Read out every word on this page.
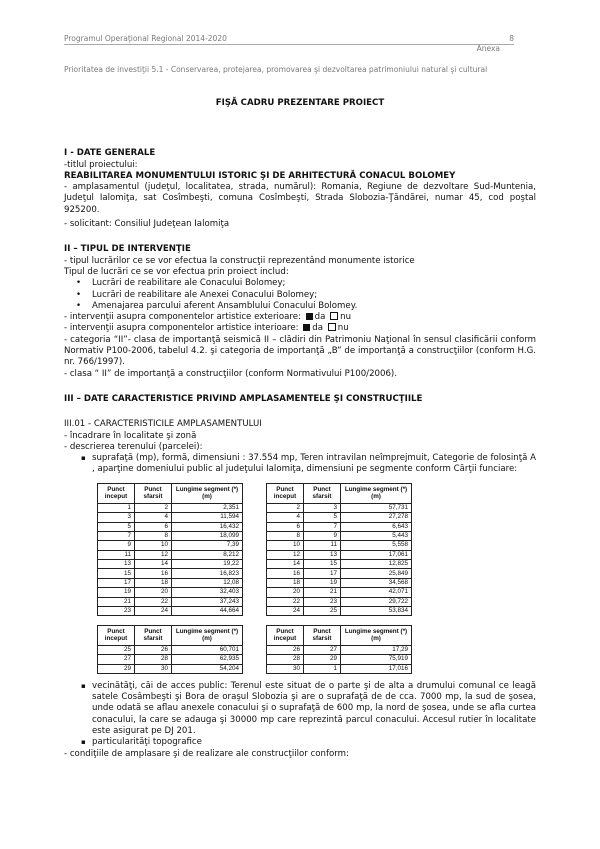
Programul Operaţional Regional 2014-2020	8
Anexa
Prioritatea de investiţii 5.1 - Conservarea, protejarea, promovarea şi dezvoltarea patrimoniului natural şi cultural

FIŞĂ CADRU PREZENTARE PROIECT

I - DATE GENERALE

-titlul proiectului:

REABILITAREA MONUMENTULUI ISTORIC ŞI DE ARHITECTURĂ CONACUL BOLOMEY

- amplasamentul (judeţul, localitatea, strada, numărul): Romania, Regiune de dezvoltare Sud-Muntenia, Judeţul Ialomiţa, sat Cosîmbeşti, comuna Cosîmbeşti, Strada Slobozia-Ţăndărei, numar 45, cod poştal 925200.

- solicitant: Consiliul Judeţean Ialomiţa

II – TIPUL DE INTERVENŢIE

- tipul lucrărilor ce se vor efectua la construcţii reprezentând monumente istorice

Tipul de lucrări ce se vor efectua prin proiect includ:

• Lucrări de reabilitare ale Conacului Bolomey;
• Lucrări de reabilitare ale Anexei Conacului Bolomey;
• Amenajarea parcului aferent Ansamblului Conacului Bolomey.

- intervenţii asupra componentelor artistice exterioare: da nu

- intervenţii asupra componentelor artistice interioare: da nu

- categoria “II”- clasa de importanţă seismică II – clădiri din Patrimoniu Naţional în sensul clasificării conform Normativ P100-2006, tabelul 4.2. şi categoria de importanţă „B” de importanţă a construcţiilor (conform H.G. nr. 766/1997).

- clasa “ II” de importanţă a construcţiilor (conform Normativului P100/2006).

III – DATE CARACTERISTICE PRIVIND AMPLASAMENTELE ŞI CONSTRUCŢIILE

III.01 - CARACTERISTICILE AMPLASAMENTULUI

- încadrare în localitate şi zonă

- descrierea terenului (parcelei):

▪ suprafaţă (mp), formă, dimensiuni : 37.554 mp, Teren intravilan neîmprejmuit, Categorie de folosinţă A , aparţine domeniului public al judeţului Ialomiţa, dimensiuni pe segmente conform Cărţii funciare:

Punct inceput	Punct sfarsit	Lungime segment (*) (m)
1	2	2,351
3	4	11,594
5	6	16,432
7	8	18,099
9	10	7,39
11	12	8,212
13	14	19,22
15	16	16,823
17	18	12,08
19	20	32,403
21	22	37,243
23	24	44,664
Punct inceput	Punct sfarsit	Lungime segment (*) (m)
2	3	57,731
4	5	27,278
6	7	6,643
8	9	5,443
10	11	5,558
12	13	17,061
14	15	12,825
16	17	25,849
18	19	34,568
20	21	42,071
22	23	29,722
24	25	53,834
Punct inceput	Punct sfarsit	Lungime segment (*) (m)
25	26	60,701
27	28	62,935
29	30	54,204
Punct inceput	Punct sfarsit	Lungime segment (*) (m)
26	27	17,29
28	29	75,919
30	1	17,016

▪ vecinătăţi, căi de acces public: Terenul este situat de o parte şi de alta a drumului comunal ce leagă satele Cosâmbeşti şi Bora de oraşul Slobozia şi are o suprafaţă de de cca. 7000 mp, la sud de şosea, unde odată se aflau anexele conacului şi o suprafaţă de 600 mp, la nord de şosea, unde se afla curtea conacului, la care se adauga şi 30000 mp care reprezintă parcul conacului. Accesul rutier în localitate este asigurat pe DJ 201.

▪ particularităţi topografice

- condiţiile de amplasare şi de realizare ale construcţiilor conform:
